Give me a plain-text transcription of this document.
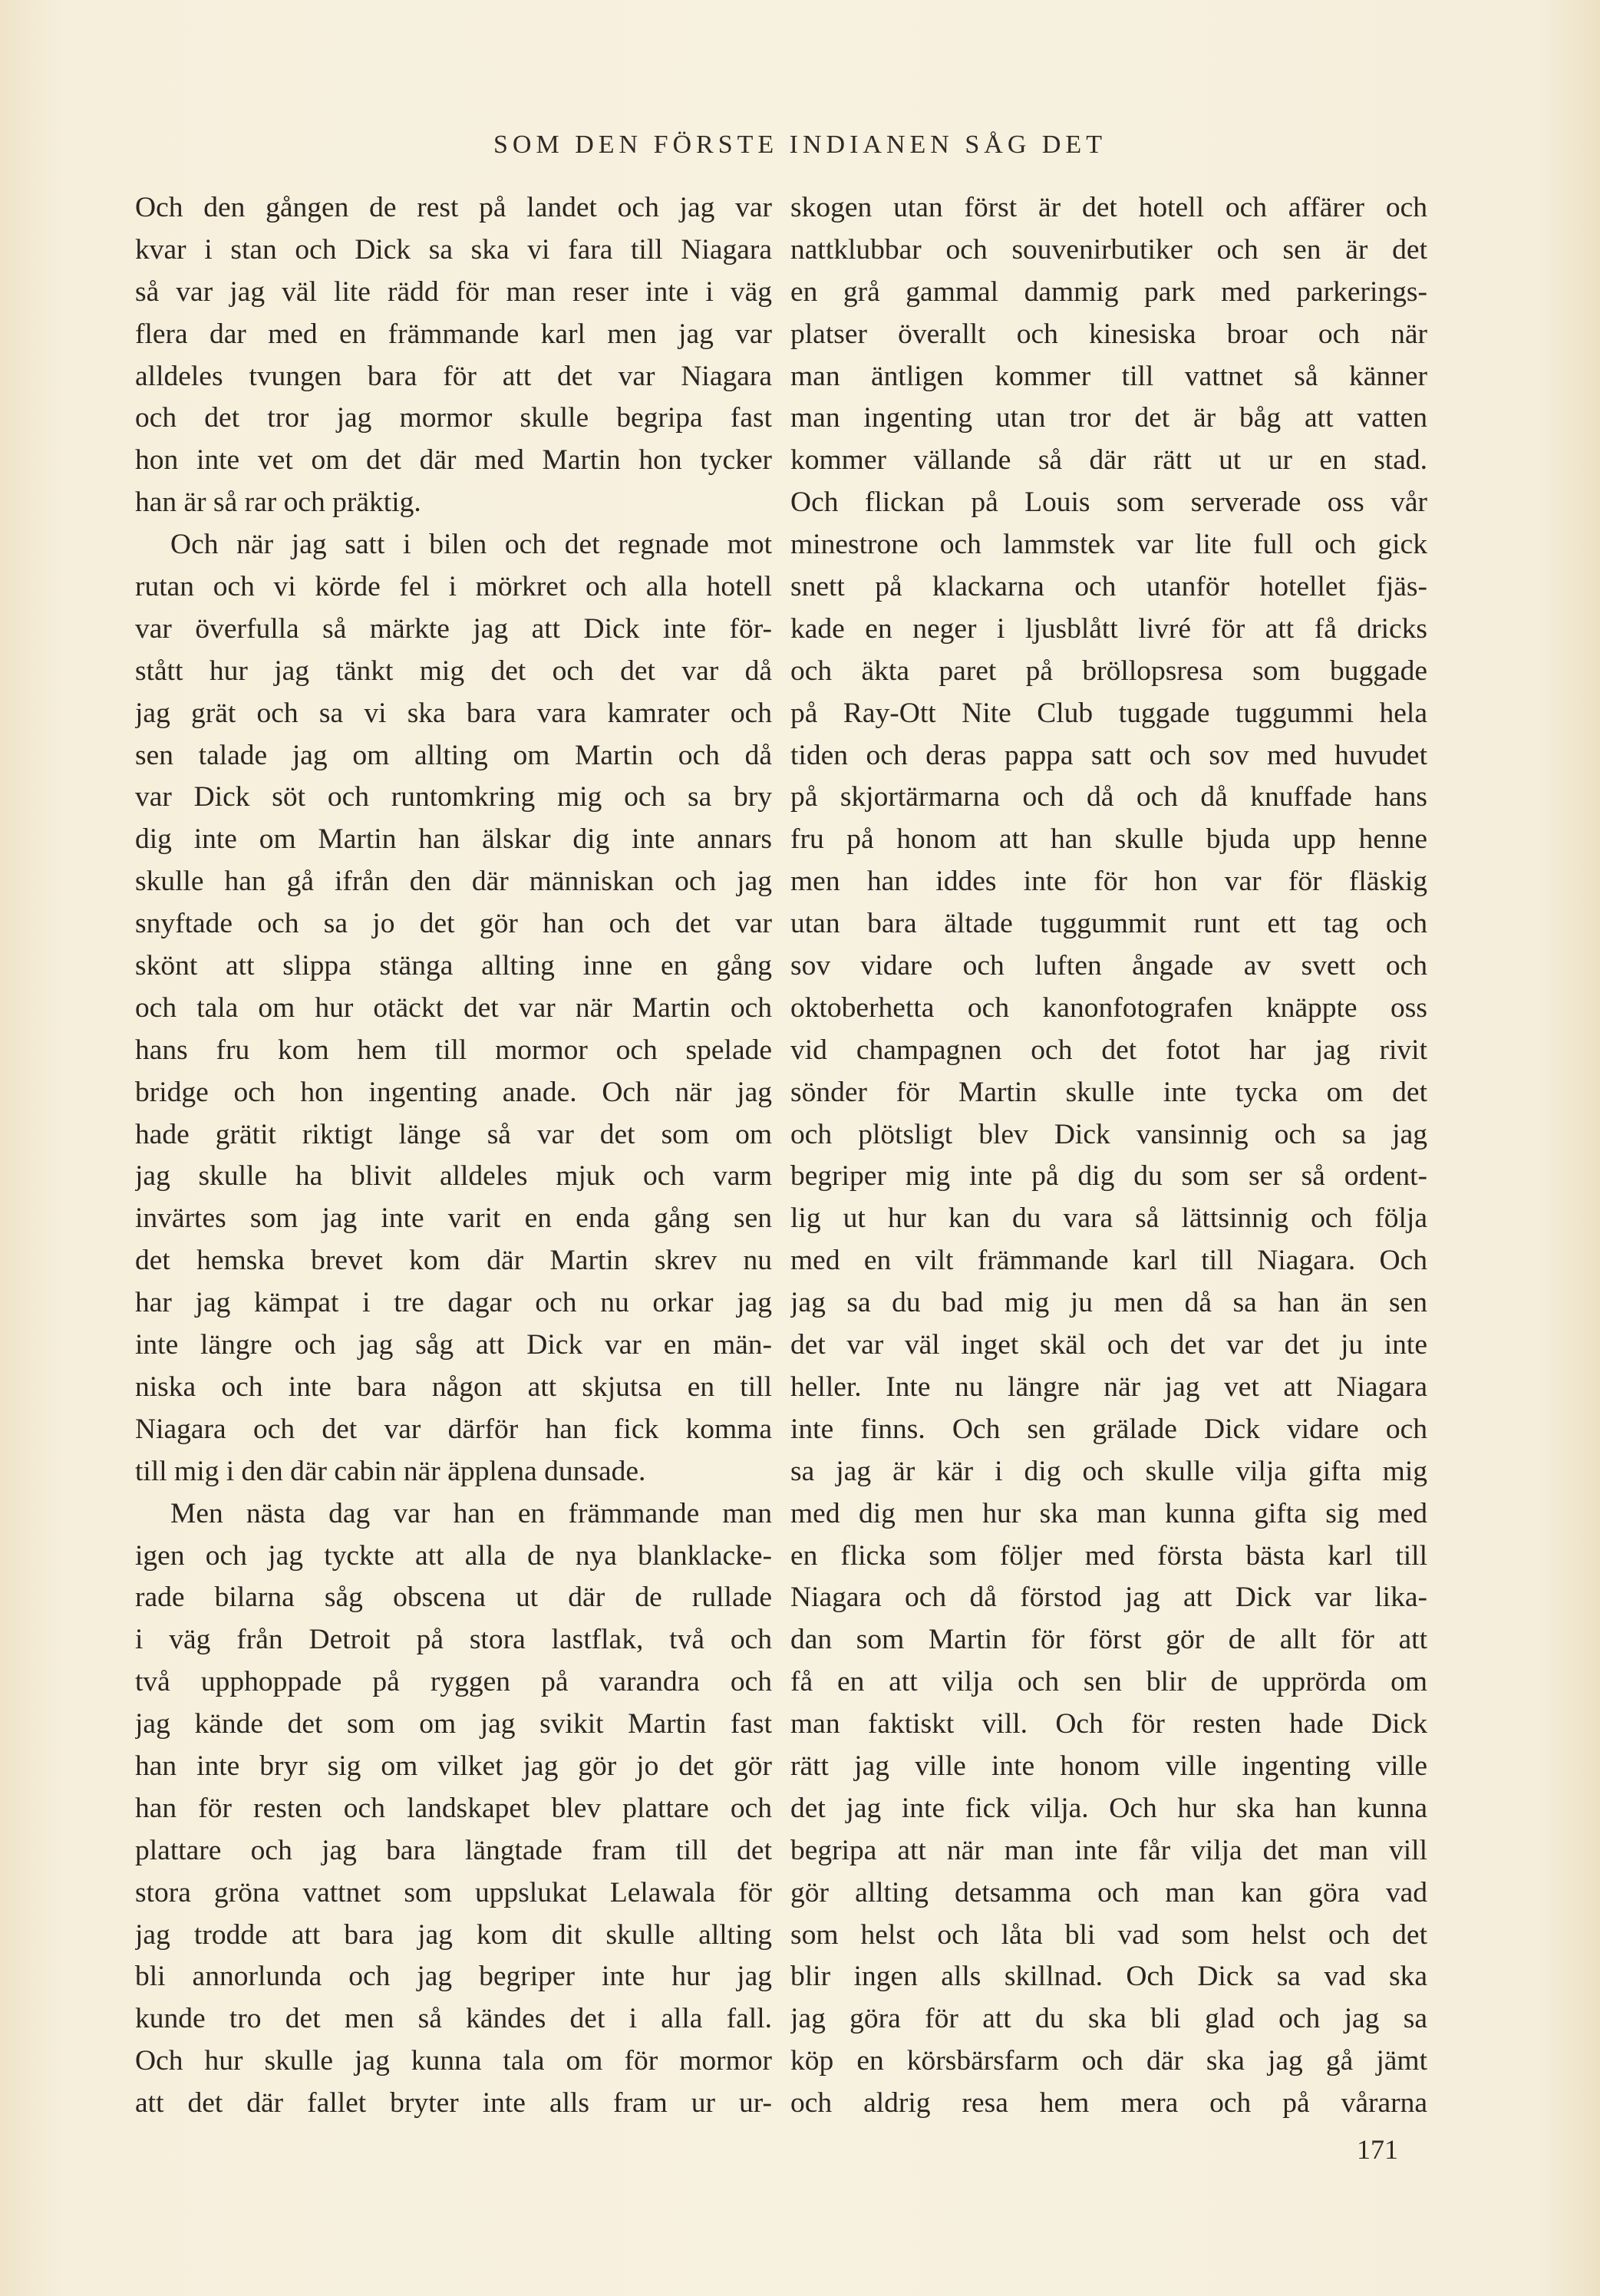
SOM DEN FÖRSTE INDIANEN SÅG DET
Och den gången de rest på landet och jag var
kvar i stan och Dick sa ska vi fara till Niagara
så var jag väl lite rädd för man reser inte i väg
flera dar med en främmande karl men jag var
alldeles tvungen bara för att det var Niagara
och det tror jag mormor skulle begripa fast
hon inte vet om det där med Martin hon tycker
han är så rar och präktig.
Och när jag satt i bilen och det regnade mot
rutan och vi körde fel i mörkret och alla hotell
var överfulla så märkte jag att Dick inte för-
stått hur jag tänkt mig det och det var då
jag grät och sa vi ska bara vara kamrater och
sen talade jag om allting om Martin och då
var Dick söt och runtomkring mig och sa bry
dig inte om Martin han älskar dig inte annars
skulle han gå ifrån den där människan och jag
snyftade och sa jo det gör han och det var
skönt att slippa stänga allting inne en gång
och tala om hur otäckt det var när Martin och
hans fru kom hem till mormor och spelade
bridge och hon ingenting anade. Och när jag
hade grätit riktigt länge så var det som om
jag skulle ha blivit alldeles mjuk och varm
invärtes som jag inte varit en enda gång sen
det hemska brevet kom där Martin skrev nu
har jag kämpat i tre dagar och nu orkar jag
inte längre och jag såg att Dick var en män-
niska och inte bara någon att skjutsa en till
Niagara och det var därför han fick komma
till mig i den där cabin när äpplena dunsade.
Men nästa dag var han en främmande man
igen och jag tyckte att alla de nya blanklacke-
rade bilarna såg obscena ut där de rullade
i väg från Detroit på stora lastflak, två och
två upphoppade på ryggen på varandra och
jag kände det som om jag svikit Martin fast
han inte bryr sig om vilket jag gör jo det gör
han för resten och landskapet blev plattare och
plattare och jag bara längtade fram till det
stora gröna vattnet som uppslukat Lelawala för
jag trodde att bara jag kom dit skulle allting
bli annorlunda och jag begriper inte hur jag
kunde tro det men så kändes det i alla fall.
Och hur skulle jag kunna tala om för mormor
att det där fallet bryter inte alls fram ur ur-
skogen utan först är det hotell och affärer och
nattklubbar och souvenirbutiker och sen är det
en grå gammal dammig park med parkerings-
platser överallt och kinesiska broar och när
man äntligen kommer till vattnet så känner
man ingenting utan tror det är båg att vatten
kommer vällande så där rätt ut ur en stad.
Och flickan på Louis som serverade oss vår
minestrone och lammstek var lite full och gick
snett på klackarna och utanför hotellet fjäs-
kade en neger i ljusblått livré för att få dricks
och äkta paret på bröllopsresa som buggade
på Ray-Ott Nite Club tuggade tuggummi hela
tiden och deras pappa satt och sov med huvudet
på skjortärmarna och då och då knuffade hans
fru på honom att han skulle bjuda upp henne
men han iddes inte för hon var för fläskig
utan bara ältade tuggummit runt ett tag och
sov vidare och luften ångade av svett och
oktoberhetta och kanonfotografen knäppte oss
vid champagnen och det fotot har jag rivit
sönder för Martin skulle inte tycka om det
och plötsligt blev Dick vansinnig och sa jag
begriper mig inte på dig du som ser så ordent-
lig ut hur kan du vara så lättsinnig och följa
med en vilt främmande karl till Niagara. Och
jag sa du bad mig ju men då sa han än sen
det var väl inget skäl och det var det ju inte
heller. Inte nu längre när jag vet att Niagara
inte finns. Och sen grälade Dick vidare och
sa jag är kär i dig och skulle vilja gifta mig
med dig men hur ska man kunna gifta sig med
en flicka som följer med första bästa karl till
Niagara och då förstod jag att Dick var lika-
dan som Martin för först gör de allt för att
få en att vilja och sen blir de upprörda om
man faktiskt vill. Och för resten hade Dick
rätt jag ville inte honom ville ingenting ville
det jag inte fick vilja. Och hur ska han kunna
begripa att när man inte får vilja det man vill
gör allting detsamma och man kan göra vad
som helst och låta bli vad som helst och det
blir ingen alls skillnad. Och Dick sa vad ska
jag göra för att du ska bli glad och jag sa
köp en körsbärsfarm och där ska jag gå jämt
och aldrig resa hem mera och på vårarna
171
